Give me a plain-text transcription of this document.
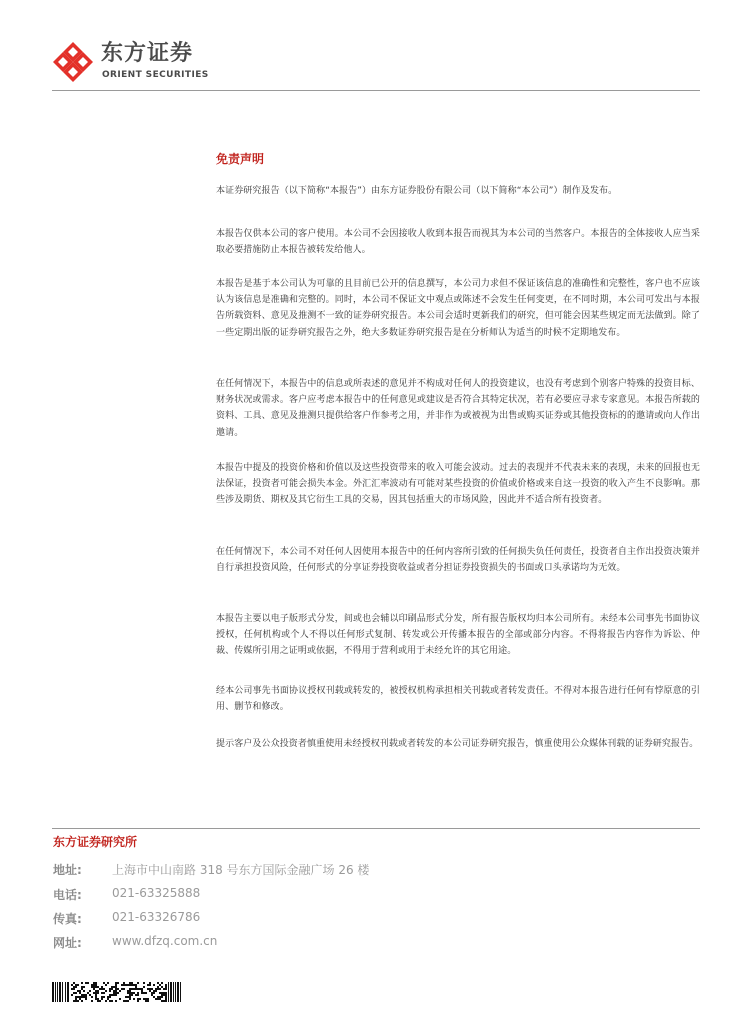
东方证券
ORIENT SECURITIES
免责声明

本证券研究报告（以下简称“本报告”）由东方证券股份有限公司（以下简称“本公司”）制作及发布。

本报告仅供本公司的客户使用。本公司不会因接收人收到本报告而视其为本公司的当然客户。本报告的全体接收人应当采取必要措施防止本报告被转发给他人。

本报告是基于本公司认为可靠的且目前已公开的信息撰写，本公司力求但不保证该信息的准确性和完整性，客户也不应该认为该信息是准确和完整的。同时，本公司不保证文中观点或陈述不会发生任何变更，在不同时期，本公司可发出与本报告所载资料、意见及推测不一致的证券研究报告。本公司会适时更新我们的研究，但可能会因某些规定而无法做到。除了一些定期出版的证券研究报告之外，绝大多数证券研究报告是在分析师认为适当的时候不定期地发布。

在任何情况下，本报告中的信息或所表述的意见并不构成对任何人的投资建议，也没有考虑到个别客户特殊的投资目标、财务状况或需求。客户应考虑本报告中的任何意见或建议是否符合其特定状况，若有必要应寻求专家意见。本报告所载的资料、工具、意见及推测只提供给客户作参考之用，并非作为或被视为出售或购买证券或其他投资标的的邀请或向人作出邀请。

本报告中提及的投资价格和价值以及这些投资带来的收入可能会波动。过去的表现并不代表未来的表现，未来的回报也无法保证，投资者可能会损失本金。外汇汇率波动有可能对某些投资的价值或价格或来自这一投资的收入产生不良影响。那些涉及期货、期权及其它衍生工具的交易，因其包括重大的市场风险，因此并不适合所有投资者。

在任何情况下，本公司不对任何人因使用本报告中的任何内容所引致的任何损失负任何责任，投资者自主作出投资决策并自行承担投资风险，任何形式的分享证券投资收益或者分担证券投资损失的书面或口头承诺均为无效。

本报告主要以电子版形式分发，间或也会辅以印刷品形式分发，所有报告版权均归本公司所有。未经本公司事先书面协议授权，任何机构或个人不得以任何形式复制、转发或公开传播本报告的全部或部分内容。不得将报告内容作为诉讼、仲裁、传媒所引用之证明或依据，不得用于营利或用于未经允许的其它用途。

经本公司事先书面协议授权刊载或转发的，被授权机构承担相关刊载或者转发责任。不得对本报告进行任何有悖原意的引用、删节和修改。

提示客户及公众投资者慎重使用未经授权刊载或者转发的本公司证券研究报告，慎重使用公众媒体刊载的证券研究报告。

东方证券研究所
地址:	上海市中山南路 318 号东方国际金融广场 26 楼
电话:	021-63325888
传真:	021-63326786
网址:	www.dfzq.com.cn
